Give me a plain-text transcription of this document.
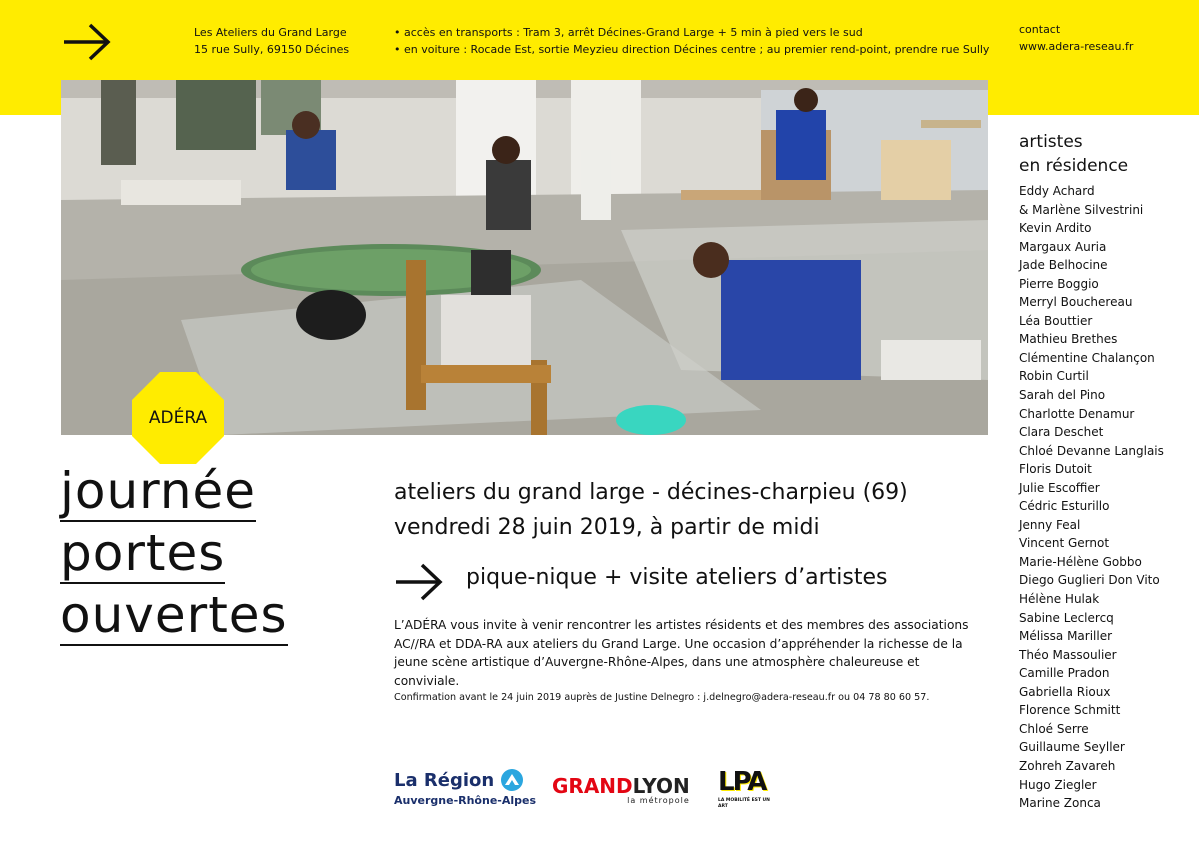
Les Ateliers du Grand Large
15 rue Sully, 69150 Décines
• accès en transports : Tram 3, arrêt Décines-Grand Large + 5 min à pied vers le sud
• en voiture : Rocade Est, sortie Meyzieu direction Décines centre ; au premier rend-point, prendre rue Sully
contact
www.adera-reseau.fr
ADÉRA
journée
portes
ouvertes
ateliers du grand large - décines-charpieu (69)
vendredi 28 juin 2019, à partir de midi
pique-nique + visite ateliers d’artistes
L’ADÉRA vous invite à venir rencontrer les artistes résidents et des membres des associations AC//RA et DDA-RA aux ateliers du Grand Large. Une occasion d’appréhender la richesse de la jeune scène artistique d’Auvergne-Rhône-Alpes, dans une atmosphère chaleureuse et conviviale.
Confirmation avant le 24 juin 2019 auprès de Justine Delnegro : j.delnegro@adera-reseau.fr ou 04 78 80 60 57.
La Région
Auvergne-Rhône-Alpes
GRANDLYON
la métropole
LPA
LA MOBILITÉ EST UN ART
artistes
en résidence
Eddy Achard
& Marlène Silvestrini
Kevin Ardito
Margaux Auria
Jade Belhocine
Pierre Boggio
Merryl Bouchereau
Léa Bouttier
Mathieu Brethes
Clémentine Chalançon
Robin Curtil
Sarah del Pino
Charlotte Denamur
Clara Deschet
Chloé Devanne Langlais
Floris Dutoit
Julie Escoffier
Cédric Esturillo
Jenny Feal
Vincent Gernot
Marie-Hélène Gobbo
Diego Guglieri Don Vito
Hélène Hulak
Sabine Leclercq
Mélissa Mariller
Théo Massoulier
Camille Pradon
Gabriella Rioux
Florence Schmitt
Chloé Serre
Guillaume Seyller
Zohreh Zavareh
Hugo Ziegler
Marine Zonca
